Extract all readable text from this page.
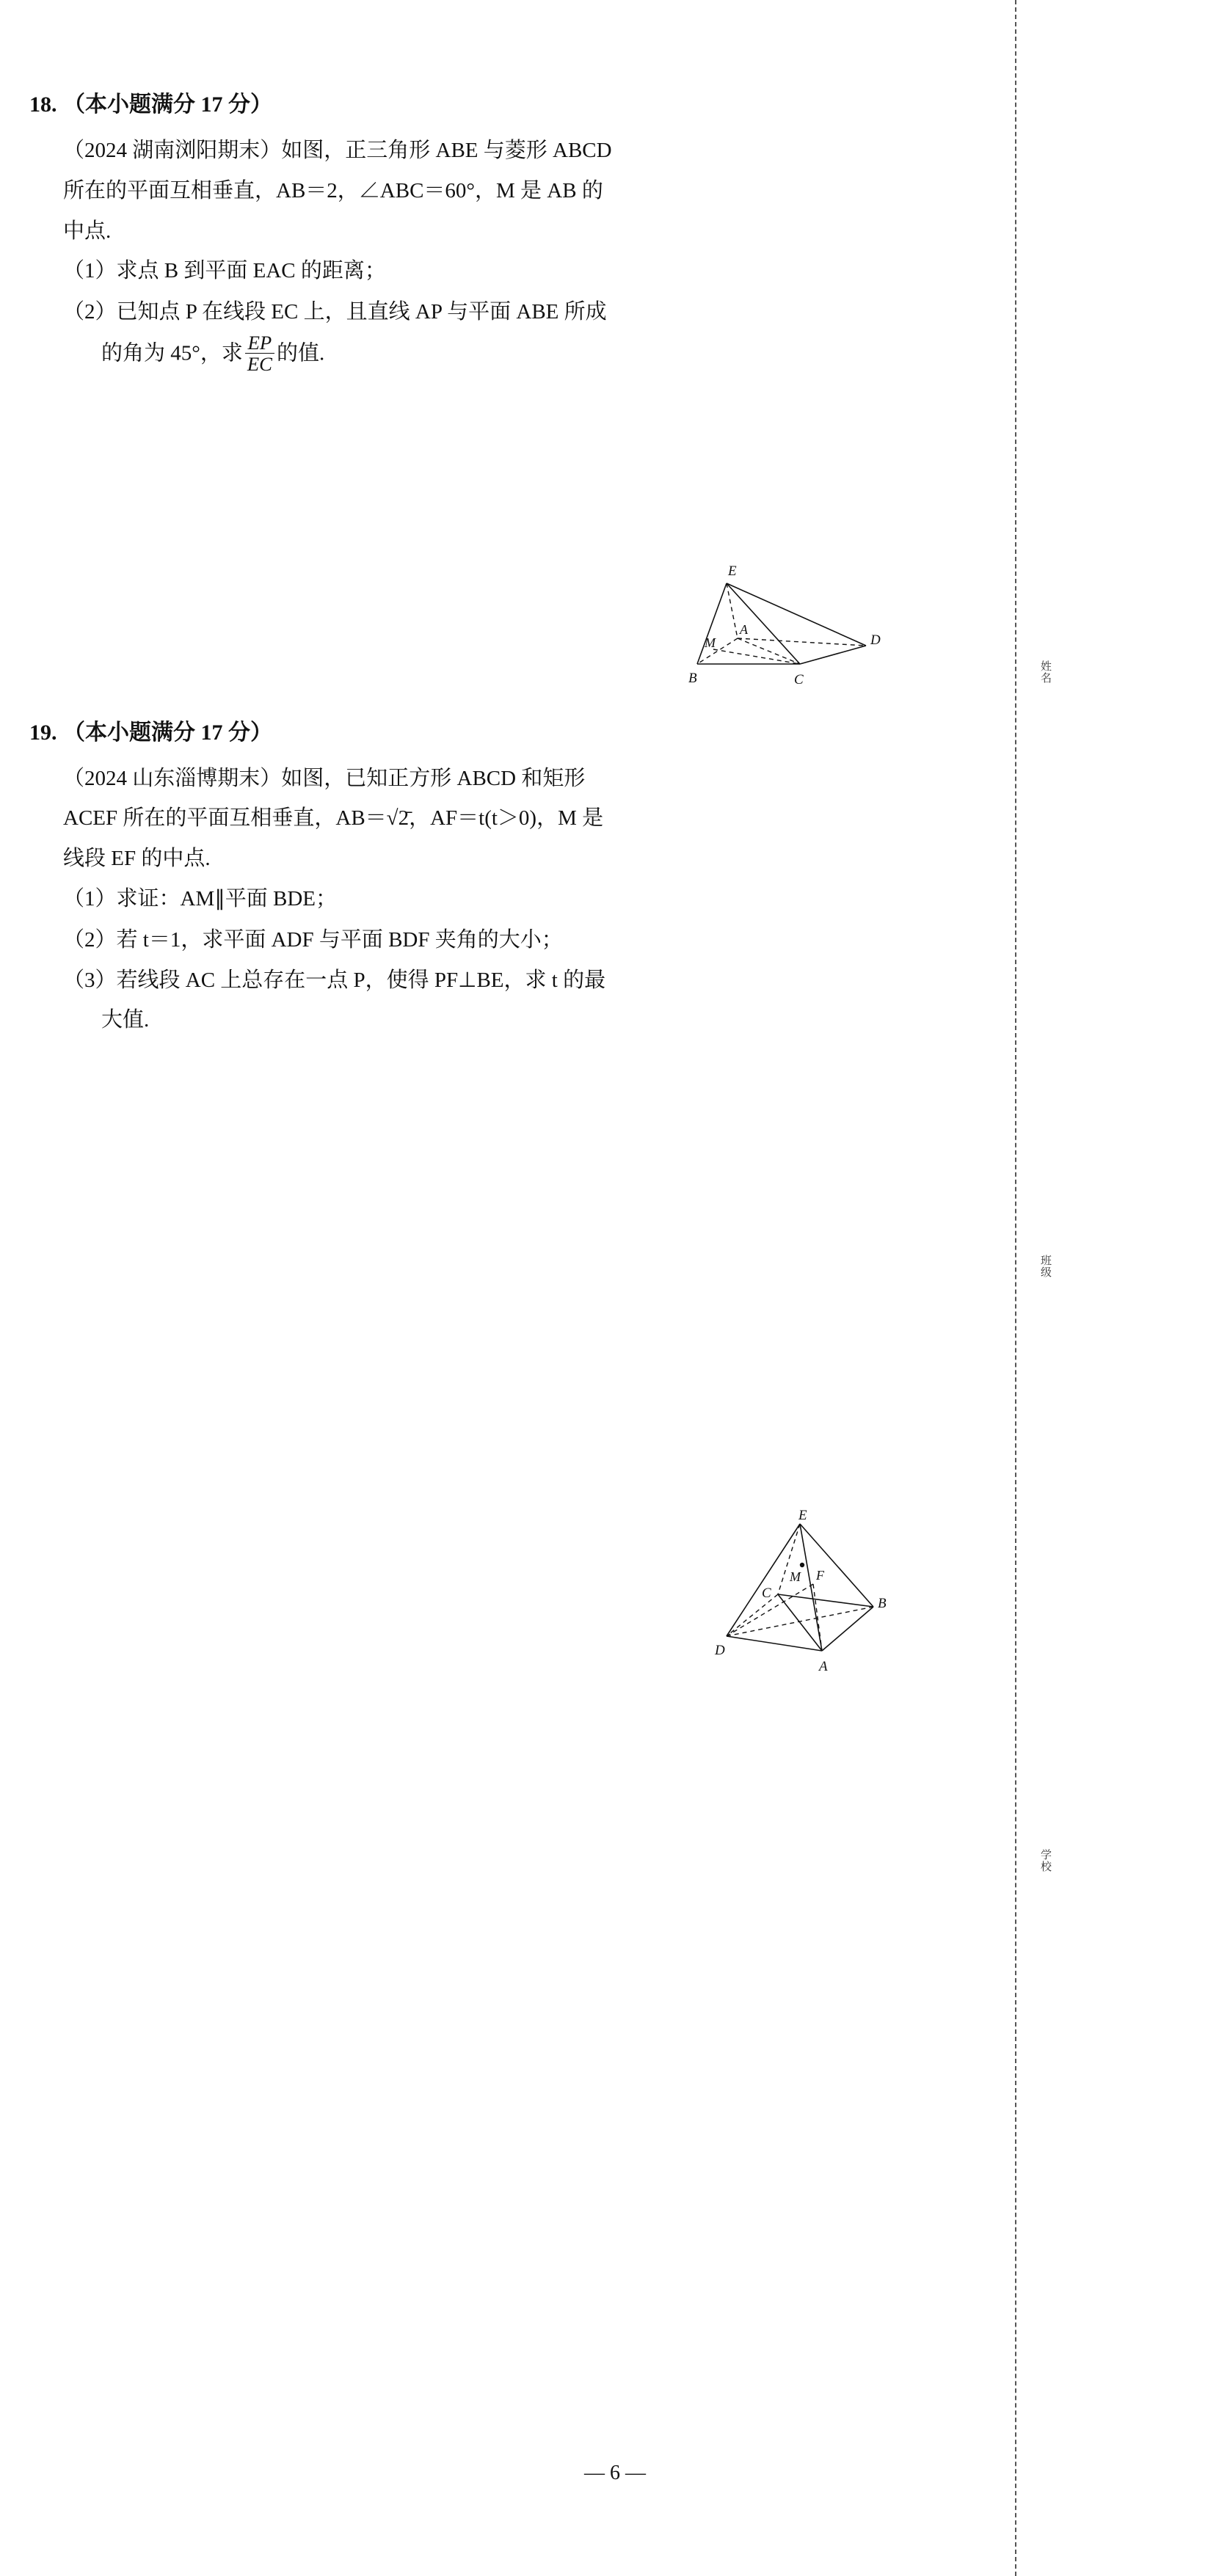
姓名
班级
学校
18. （本小题满分 17 分）

（2024 湖南浏阳期末）如图，正三角形 ABE 与菱形 ABCD

所在的平面互相垂直，AB＝2，∠ABC＝60°，M 是 AB 的

中点.

（1）求点 B 到平面 EAC 的距离；
（2）已知点 P 在线段 EC 上，且直线 AP 与平面 ABE 所成
的角为 45°，求 $\frac{EP}{EC}$ 的值.
19. （本小题满分 17 分）

（2024 山东淄博期末）如图，已知正方形 ABCD 和矩形

ACEF 所在的平面互相垂直，AB＝√2̄，AF＝t(t＞0)，M 是

线段 EF 的中点.

（1）求证：AM∥平面 BDE；
（2）若 t＝1，求平面 ADF 与平面 BDF 夹角的大小；
（3）若线段 AC 上总存在一点 P，使得 PF⊥BE，求 t 的最
大值.
E
A
M
B	C
D
E
M F
C
B
D
A
— 6 —
